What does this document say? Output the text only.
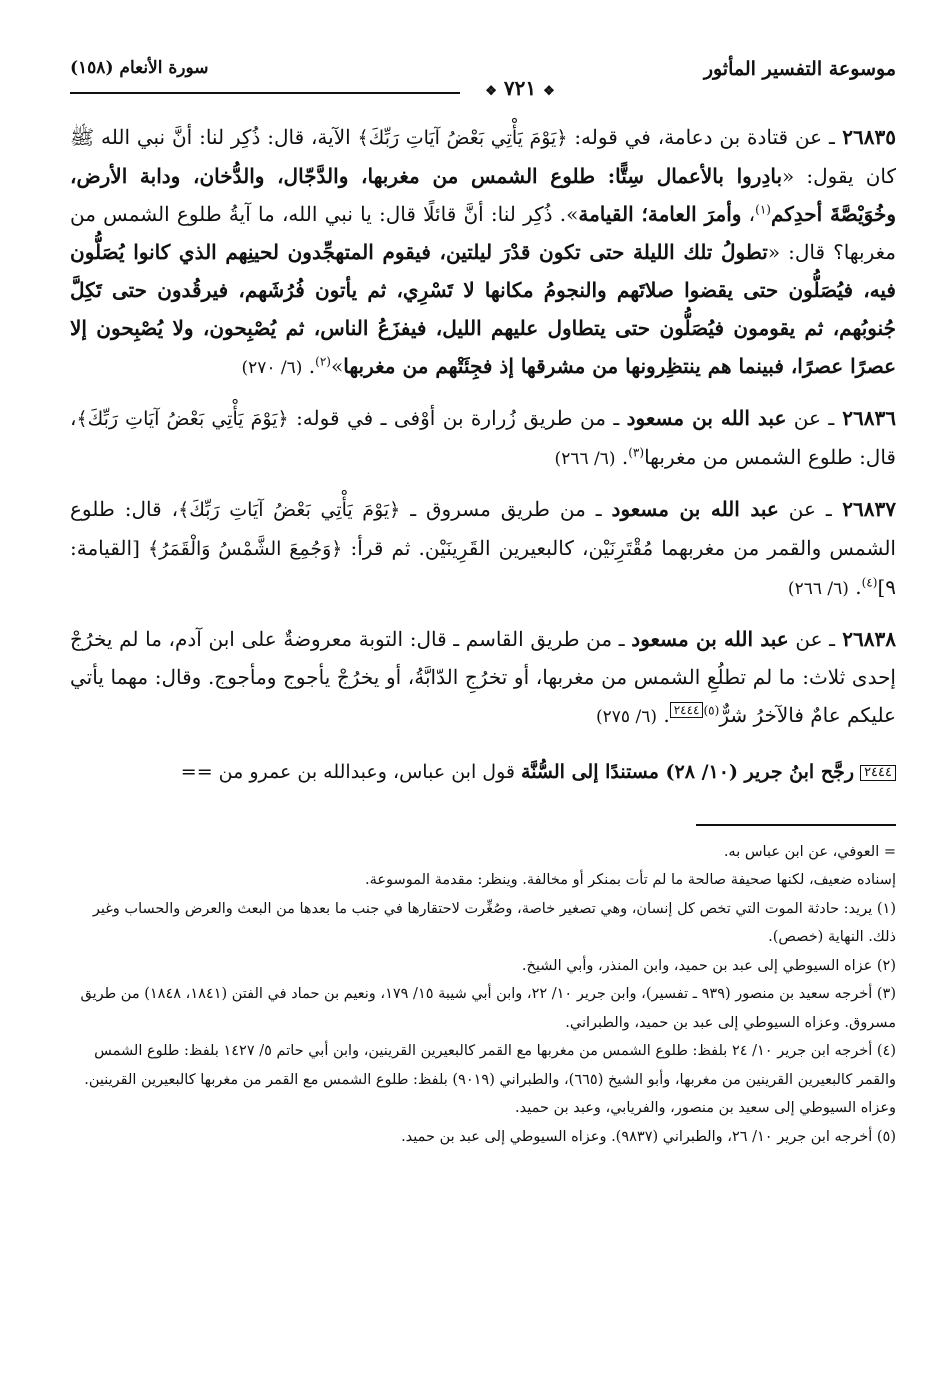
موسوعة التفسير المأثور
❖ ٧٢١ ❖
سورة الأنعام (١٥٨)

٢٦٨٣٥ ـ عن قتادة بن دعامة، في قوله: ﴿يَوْمَ يَأْتِي بَعْضُ آيَاتِ رَبِّكَ﴾ الآية، قال: ذُكِر لنا: أنَّ نبي الله ﷺ كان يقول: «بادِروا بالأعمال سِتًّا: طلوع الشمس من مغربها، والدَّجّال، والدُّخان، ودابة الأرض، وخُوَيْصَّةَ أحدِكم$^{(١)}$، وأمرَ العامة؛ القيامة». ذُكِر لنا: أنَّ قائلًا قال: يا نبي الله، ما آيةُ طلوع الشمس من مغربها؟ قال: «تطولُ تلك الليلة حتى تكون قدْرَ ليلتين، فيقوم المتهجِّدون لحينِهم الذي كانوا يُصَلُّون فيه، فيُصَلُّون حتى يقضوا صلاتَهم والنجومُ مكانها لا تَسْرِي، ثم يأتون فُرُشَهم، فيرقُدون حتى تَكِلَّ جُنوبُهم، ثم يقومون فيُصَلُّون حتى يتطاول عليهم الليل، فيفزَعُ الناس، ثم يُصْبِحون، ولا يُصْبِحون إلا عصرًا عصرًا، فبينما هم ينتظِرونها من مشرقها إذ فجِئَتْهم من مغربها»$^{(٢)}$. (٦/ ٢٧٠)

٢٦٨٣٦ ـ عن عبد الله بن مسعود ـ من طريق زُرارة بن أوْفى ـ في قوله: ﴿يَوْمَ يَأْتِي بَعْضُ آيَاتِ رَبِّكَ﴾، قال: طلوع الشمس من مغربها$^{(٣)}$. (٦/ ٢٦٦)

٢٦٨٣٧ ـ عن عبد الله بن مسعود ـ من طريق مسروق ـ ﴿يَوْمَ يَأْتِي بَعْضُ آيَاتِ رَبِّكَ﴾، قال: طلوع الشمس والقمر من مغربهما مُقْتَرِنَيْن، كالبعيرين القَرِينَيْن. ثم قرأ: ﴿وَجُمِعَ الشَّمْسُ وَالْقَمَرُ﴾ [القيامة: ٩]$^{(٤)}$. (٦/ ٢٦٦)

٢٦٨٣٨ ـ عن عبد الله بن مسعود ـ من طريق القاسم ـ قال: التوبة معروضةٌ على ابن آدم، ما لم يخرُجْ إحدى ثلاث: ما لم تطلُعِ الشمس من مغربها، أو تخرُجِ الدّابَّةُ، أو يخرُجْ يأجوج ومأجوج. وقال: مهما يأتي عليكم عامٌ فالآخرُ شرٌّ$^{(٥)}$٢٤٤٤. (٦/ ٢٧٥)

٢٤٤٤ رجَّح ابنُ جرير (١٠/ ٢٨) مستندًا إلى السُّنَّة قول ابن عباس، وعبدالله بن عمرو من ==

= العوفي، عن ابن عباس به.

إسناده ضعيف، لكنها صحيفة صالحة ما لم تأت بمنكر أو مخالفة. وينظر: مقدمة الموسوعة.

(١) يريد: حادثة الموت التي تخص كل إنسان، وهي تصغير خاصة، وصُغِّرت لاحتقارها في جنب ما بعدها من البعث والعرض والحساب وغير ذلك. النهاية (خصص).

(٢) عزاه السيوطي إلى عبد بن حميد، وابن المنذر، وأبي الشيخ.

(٣) أخرجه سعيد بن منصور (٩٣٩ ـ تفسير)، وابن جرير ١٠/ ٢٢، وابن أبي شيبة ١٥/ ١٧٩، ونعيم بن حماد في الفتن (١٨٤١، ١٨٤٨) من طريق مسروق. وعزاه السيوطي إلى عبد بن حميد، والطبراني.

(٤) أخرجه ابن جرير ١٠/ ٢٤ بلفظ: طلوع الشمس من مغربها مع القمر كالبعيرين القرينين، وابن أبي حاتم ٥/ ١٤٢٧ بلفظ: طلوع الشمس والقمر كالبعيرين القرينين من مغربها، وأبو الشيخ (٦٦٥)، والطبراني (٩٠١٩) بلفظ: طلوع الشمس مع القمر من مغربها كالبعيرين القرينين. وعزاه السيوطي إلى سعيد بن منصور، والفريابي، وعبد بن حميد.

(٥) أخرجه ابن جرير ١٠/ ٢٦، والطبراني (٩٨٣٧). وعزاه السيوطي إلى عبد بن حميد.
